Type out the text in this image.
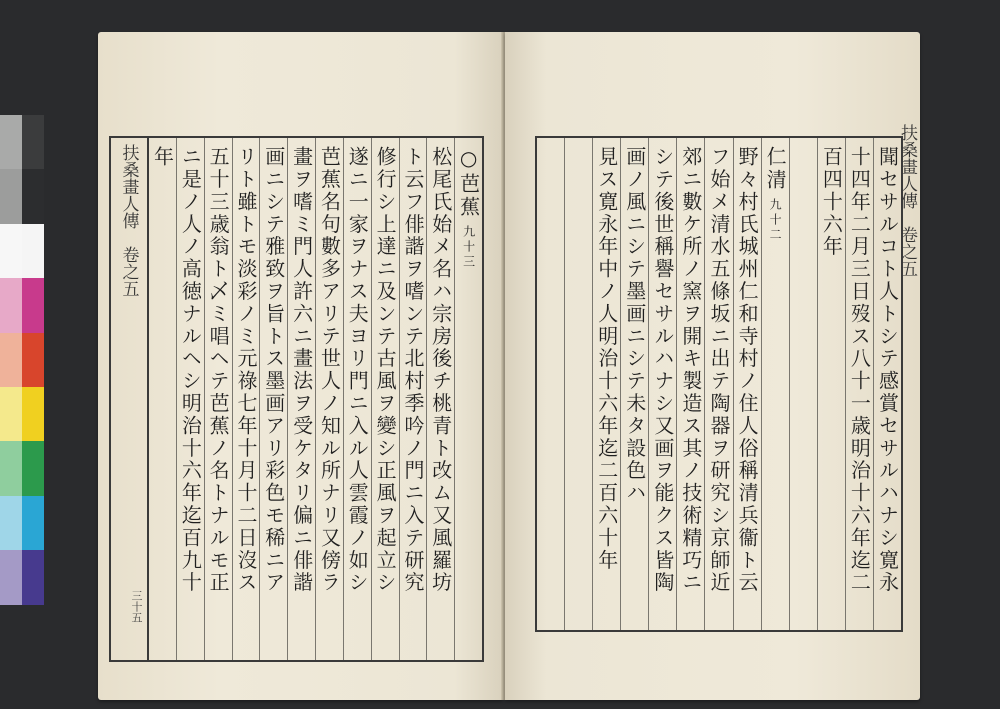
扶桑畫人傳　卷之五
三十五
○芭蕉
九十三
松尾氏始メ名ハ宗房後チ桃青ト改ム又風羅坊
ト云フ俳諧ヲ嗜ンテ北村季吟ノ門ニ入テ研究
修行シ上達ニ及ンテ古風ヲ變シ正風ヲ起立シ
遂ニ一家ヲナス夫ヨリ門ニ入ル人雲霞ノ如シ
芭蕉名句數多アリテ世人ノ知ル所ナリ又傍ラ
畫ヲ嗜ミ門人許六ニ畫法ヲ受ケタリ偏ニ俳諧
画ニシテ雅致ヲ旨トス墨画アリ彩色モ稀ニア
リト雖トモ淡彩ノミ元祿七年十月十二日沒ス
五十三歳翁ト乄ミ唱ヘテ芭蕉ノ名トナルモ正
ニ是ノ人ノ高徳ナルヘシ明治十六年迄百九十
年	扶桑畫人傳　卷之五
聞セサルコト人トシテ感賞セサルハナシ寛永
十四年二月三日歿ス八十一歳明治十六年迄二
百四十六年
仁清
九十二
野々村氏城州仁和寺村ノ住人俗稱清兵衞ト云
フ始メ清水五條坂ニ出テ陶器ヲ研究シ京師近
郊ニ數ケ所ノ窯ヲ開キ製造ス其ノ技術精巧ニ
シテ後世稱譽セサルハナシ又画ヲ能クス皆陶
画ノ風ニシテ墨画ニシテ未タ設色ハ
見ス寛永年中ノ人明治十六年迄二百六十年
